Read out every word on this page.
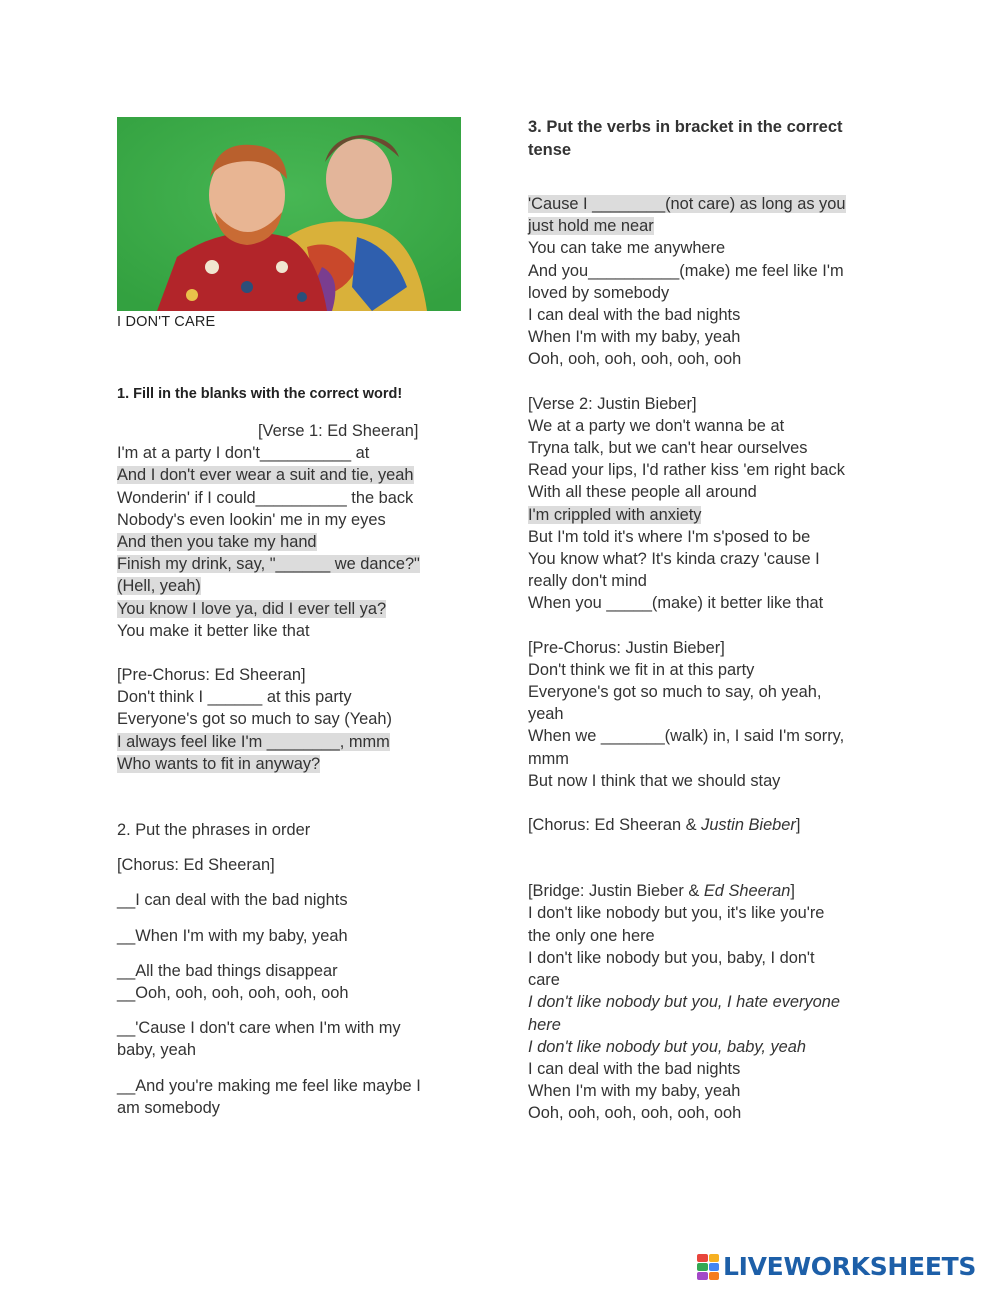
I DON'T CARE
1. Fill in the blanks with the correct word!
[Verse 1: Ed Sheeran]
I'm at a party I don't__________ at
And I don't ever wear a suit and tie, yeah
Wonderin' if I could__________ the back
Nobody's even lookin' me in my eyes
And then you take my hand
Finish my drink, say, "______ we dance?"
(Hell, yeah)
You know I love ya, did I ever tell ya?
You make it better like that
[Pre-Chorus: Ed Sheeran]
Don't think I ______ at this party
Everyone's got so much to say (Yeah)
I always feel like I'm ________, mmm
Who wants to fit in anyway?
2. Put the phrases in order
[Chorus: Ed Sheeran]
__I can deal with the bad nights
__When I'm with my baby, yeah
__All the bad things disappear
__Ooh, ooh, ooh, ooh, ooh, ooh
__'Cause I don't care when I'm with my
baby, yeah
__And you're making me feel like maybe I
am somebody
3. Put the verbs in bracket in the correct tense
'Cause I ________(not care) as long as you
just hold me near
You can take me anywhere
And you__________(make) me feel like I'm
loved by somebody
I can deal with the bad nights
When I'm with my baby, yeah
Ooh, ooh, ooh, ooh, ooh, ooh
[Verse 2: Justin Bieber]
We at a party we don't wanna be at
Tryna talk, but we can't hear ourselves
Read your lips, I'd rather kiss 'em right back
With all these people all around
I'm crippled with anxiety
But I'm told it's where I'm s'posed to be
You know what? It's kinda crazy 'cause I
really don't mind
When you _____(make) it better like that
[Pre-Chorus: Justin Bieber]
Don't think we fit in at this party
Everyone's got so much to say, oh yeah,
yeah
When we _______(walk) in, I said I'm sorry,
mmm
But now I think that we should stay
[Chorus: Ed Sheeran & Justin Bieber]
[Bridge: Justin Bieber & Ed Sheeran]
I don't like nobody but you, it's like you're
the only one here
I don't like nobody but you, baby, I don't
care
I don't like nobody but you, I hate everyone
here
I don't like nobody but you, baby, yeah
I can deal with the bad nights
When I'm with my baby, yeah
Ooh, ooh, ooh, ooh, ooh, ooh
LIVEWORKSHEETS
